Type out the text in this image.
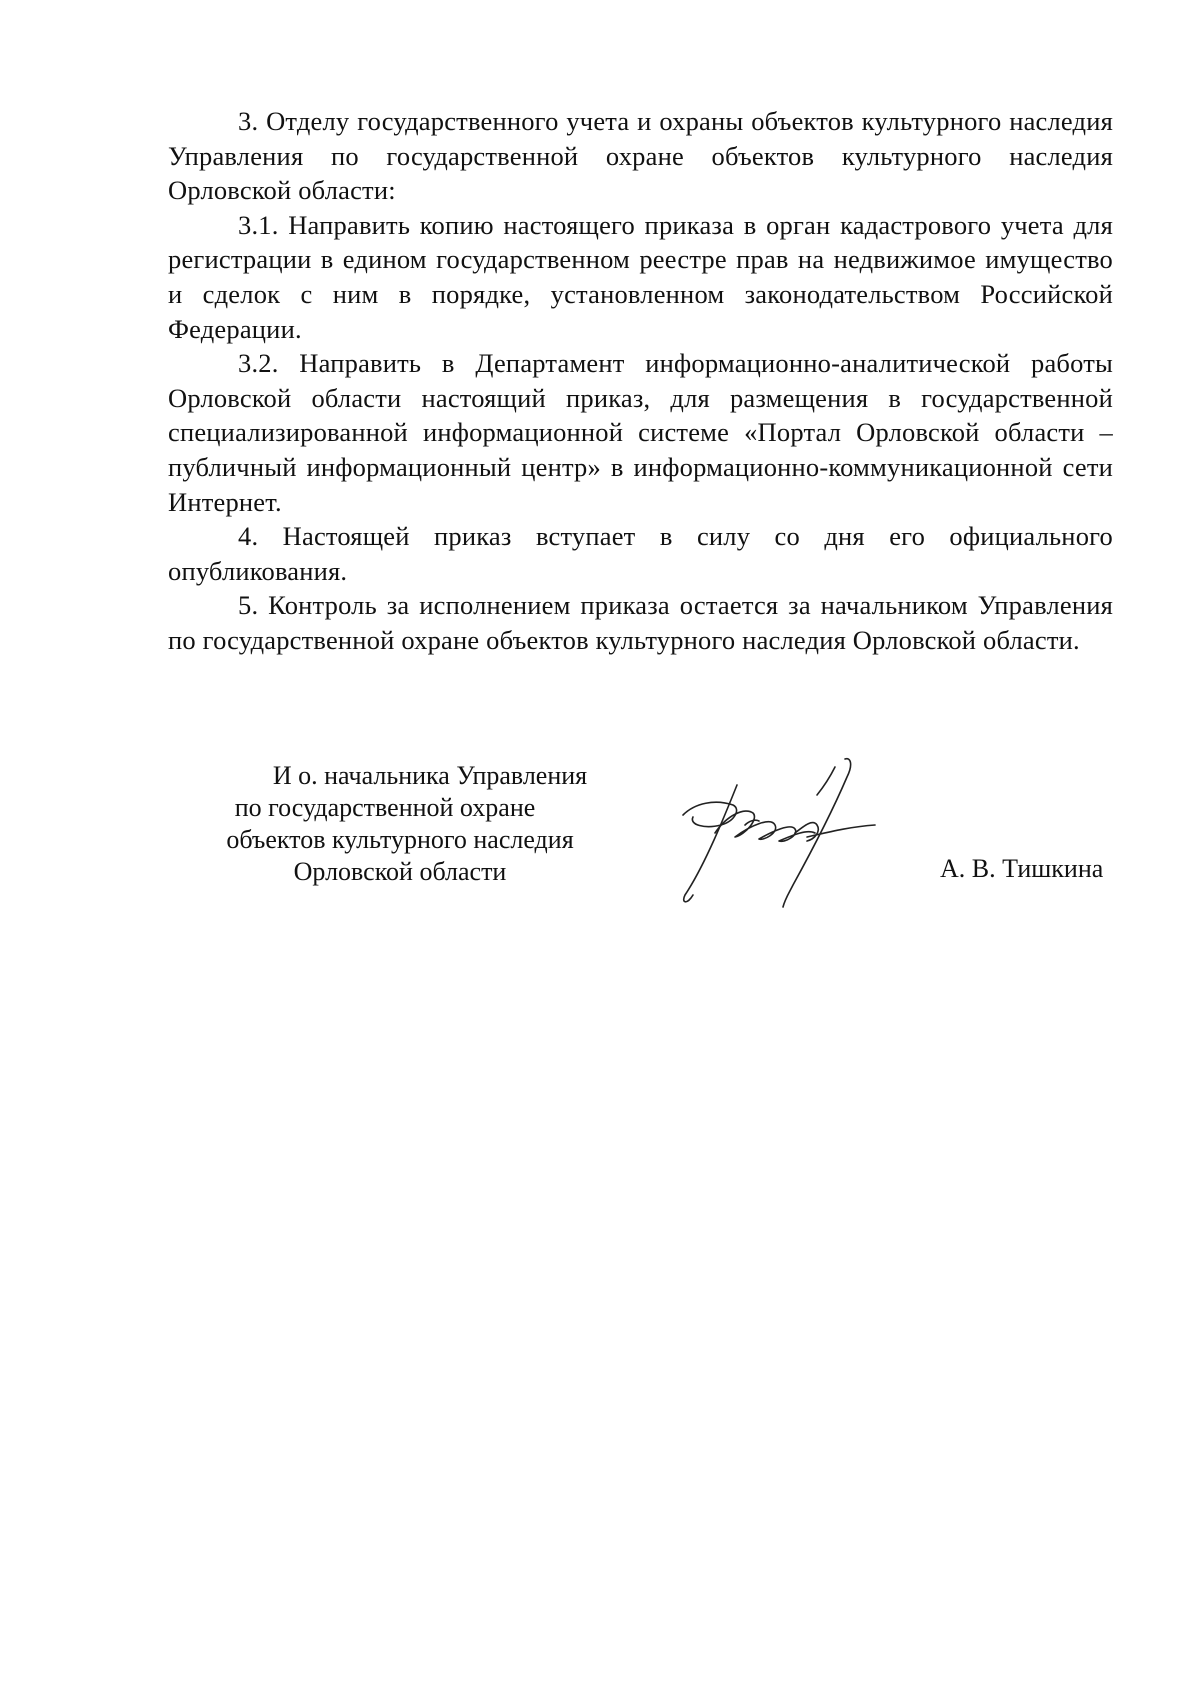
3. Отделу государственного учета и охраны объектов культурного наследия Управления по государственной охране объектов культурного наследия Орловской области:

3.1. Направить копию настоящего приказа в орган кадастрового учета для регистрации в едином государственном реестре прав на недвижимое имущество и сделок с ним в порядке, установленном законодательством Российской Федерации.

3.2. Направить в Департамент информационно-аналитической работы Орловской области настоящий приказ, для размещения в государственной специализированной информационной системе «Портал Орловской области – публичный информационный центр» в информационно-коммуникационной сети Интернет.

4. Настоящей приказ вступает в силу со дня его официального опубликования.

5. Контроль за исполнением приказа остается за начальником Управления по государственной охране объектов культурного наследия Орловской области.

И о. начальника Управления
по государственной охране
объектов культурного наследия
Орловской области	А. В. Тишкина
